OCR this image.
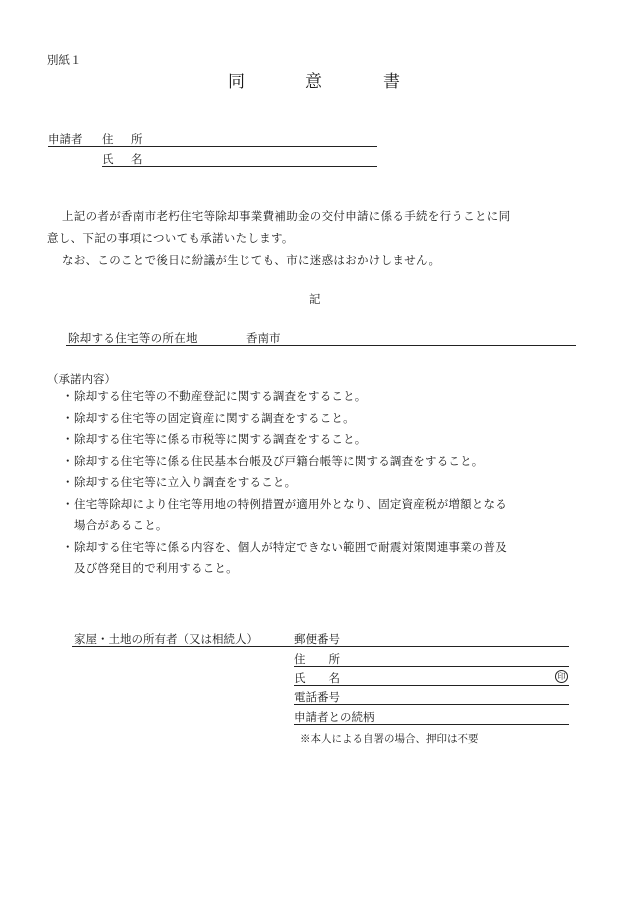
別紙１
同	意	書
申請者 住　所
氏　名
上記の者が香南市老朽住宅等除却事業費補助金の交付申請に係る手続を行うことに同
意し、下記の事項についても承諾いたします。
なお、このことで後日に紛議が生じても、市に迷惑はおかけしません。
記
除却する住宅等の所在地	香南市
（承諾内容）
・除却する住宅等の不動産登記に関する調査をすること。
・除却する住宅等の固定資産に関する調査をすること。
・除却する住宅等に係る市税等に関する調査をすること。
・除却する住宅等に係る住民基本台帳及び戸籍台帳等に関する調査をすること。
・除却する住宅等に立入り調査をすること。
・住宅等除却により住宅等用地の特例措置が適用外となり、固定資産税が増額となる
場合があること。
・除却する住宅等に係る内容を、個人が特定できない範囲で耐震対策関連事業の普及
及び啓発目的で利用すること。
家屋・土地の所有者（又は相続人）	郵便番号
住　　所
氏　　名	印
電話番号
申請者との続柄
※本人による自署の場合、押印は不要
